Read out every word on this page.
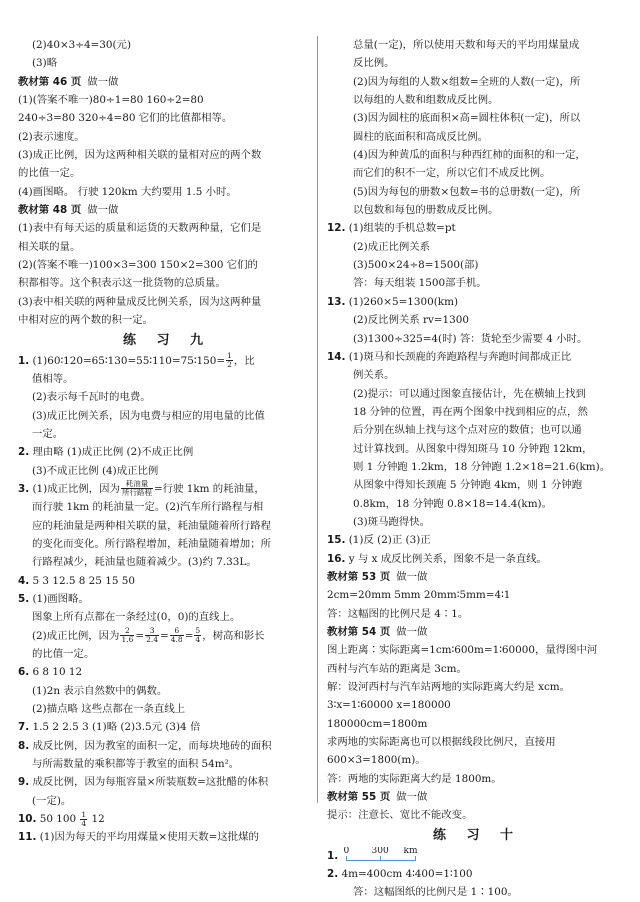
(2)40×3÷4=30(元)
(3)略
教材第 46 页 做一做
(1)(答案不唯一)80÷1=80 160÷2=80
240÷3=80 320÷4=80 它们的比值都相等。
(2)表示速度。
(3)成正比例，因为这两种相关联的量相对应的两个数
的比值一定。
(4)画图略。 行驶 120km 大约要用 1.5 小时。
教材第 48 页 做一做
(1)表中有每天运的质量和运货的天数两种量，它们是
相关联的量。
(2)(答案不唯一)100×3=300 150×2=300 它们的
积都相等。这个积表示这一批货物的总质量。
(3)表中相关联的两种量成反比例关系，因为这两种量
中相对应的两个数的积一定。
练 习 九
1. (1)60∶120=65∶130=55∶110=75∶150= $\frac{1}{2}$ ，比
值相等。
(2)表示每千瓦时的电费。
(3)成正比例关系，因为电费与相应的用电量的比值
一定。
2. 理由略 (1)成正比例 (2)不成正比例
(3)不成正比例 (4)成正比例
3. (1)成正比例，因为 $\frac{\text{耗油量}}{\text{所行路程}}$ =行驶 1km 的耗油量，
而行驶 1km 的耗油量一定。(2)汽车所行路程与相
应的耗油量是两种相关联的量，耗油量随着所行路程
的变化而变化。所行路程增加，耗油量随着增加；所
行路程减少，耗油量也随着减少。(3)约 7.33L。
4. 5 3 12.5 8 25 15 50
5. (1)画图略。
图象上所有点都在一条经过(0，0)的直线上。
(2)成正比例，因为 $\frac{2}{1.6} = \frac{3}{2.4} = \frac{6}{4.8} = \frac{5}{4}$ ，树高和影长
的比值一定。
6. 6 8 10 12
(1)2n 表示自然数中的偶数。
(2)描点略 这些点都在一条直线上
7. 1.5 2 2.5 3 (1)略 (2)3.5元 (3)4 倍
8. 成反比例，因为教室的面积一定，而每块地砖的面积
与所需数量的乘积都等于教室的面积 54m²。
9. 成反比例，因为每瓶容量×所装瓶数=这批醋的体积
(一定)。
10. 50 $100 \frac{1}{4} 12$
11. (1)因为每天的平均用煤量×使用天数=这批煤的
总量(一定)，所以使用天数和每天的平均用煤量成
反比例。
(2)因为每组的人数×组数=全班的人数(一定)，所
以每组的人数和组数成反比例。
(3)因为圆柱的底面积×高=圆柱体积(一定)，所以
圆柱的底面积和高成反比例。
(4)因为种黄瓜的面积与种西红柿的面积的和一定，
而它们的积不一定，所以它们不成反比例。
(5)因为每包的册数×包数=书的总册数(一定)，所
以包数和每包的册数成反比例。
12. (1)组装的手机总数=pt
(2)成正比例关系
(3)500×24÷8=1500(部)
答：每天组装 1500部手机。
13. (1)260×5=1300(km)
(2)反比例关系 rv=1300
(3)1300÷325=4(时) 答：货轮至少需要 4 小时。
14. (1)斑马和长颈鹿的奔跑路程与奔跑时间都成正比
例关系。
(2)提示：可以通过图象直接估计，先在横轴上找到
18 分钟的位置，再在两个图象中找到相应的点，然
后分别在纵轴上找与这个点对应的数值；也可以通
过计算找到。从图象中得知斑马 10 分钟跑 12km，
则 1 分钟跑 1.2km，18 分钟跑 1.2×18=21.6(km)。
从图象中得知长颈鹿 5 分钟跑 4km，则 1 分钟跑
0.8km，18 分钟跑 0.8×18=14.4(km)。
(3)斑马跑得快。
15. (1)反 (2)正 (3)正
16. y 与 x 成反比例关系，图象不是一条直线。
教材第 53 页 做一做
2cm=20mm 5mm 20mm∶5mm=4∶1
答：这幅图的比例尺是 4∶1。
教材第 54 页 做一做
图上距离∶实际距离=1cm∶600m=1∶60000，量得图中河
西村与汽车站的距离是 3cm。
解：设河西村与汽车站两地的实际距离大约是 xcm。
3∶x=1∶60000 x=180000
180000cm=1800m
求两地的实际距离也可以根据线段比例尺，直接用
600×3=1800(m)。
答：两地的实际距离大约是 1800m。
教材第 55 页 做一做
提示：注意长、宽比不能改变。
练 习 十
1. 0 300 km
2. 4m=400cm 4∶400=1∶100
答：这幅图纸的比例尺是 1∶100。
